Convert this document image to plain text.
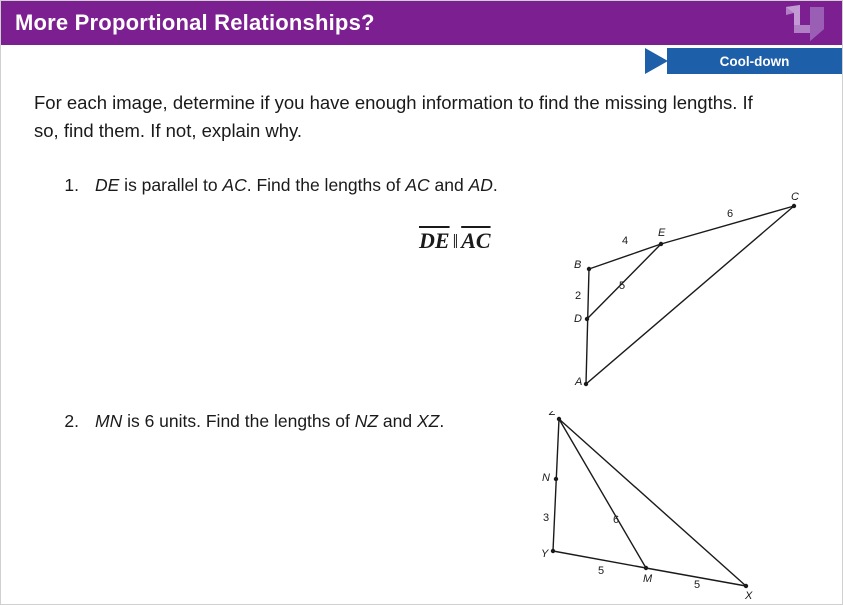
More Proportional Relationships?
Cool-down
For each image, determine if you have enough information to find the missing lengths. If so, find them. If not, explain why.
1. DE is parallel to AC. Find the lengths of AC and AD.
$\overline{DE}$ ‖ $\overline{AC}$
A
B
D
E
C
2
4
5
6
2. MN is 6 units. Find the lengths of NZ and XZ.	Z
N
Y
M
X
3	6
5
5
